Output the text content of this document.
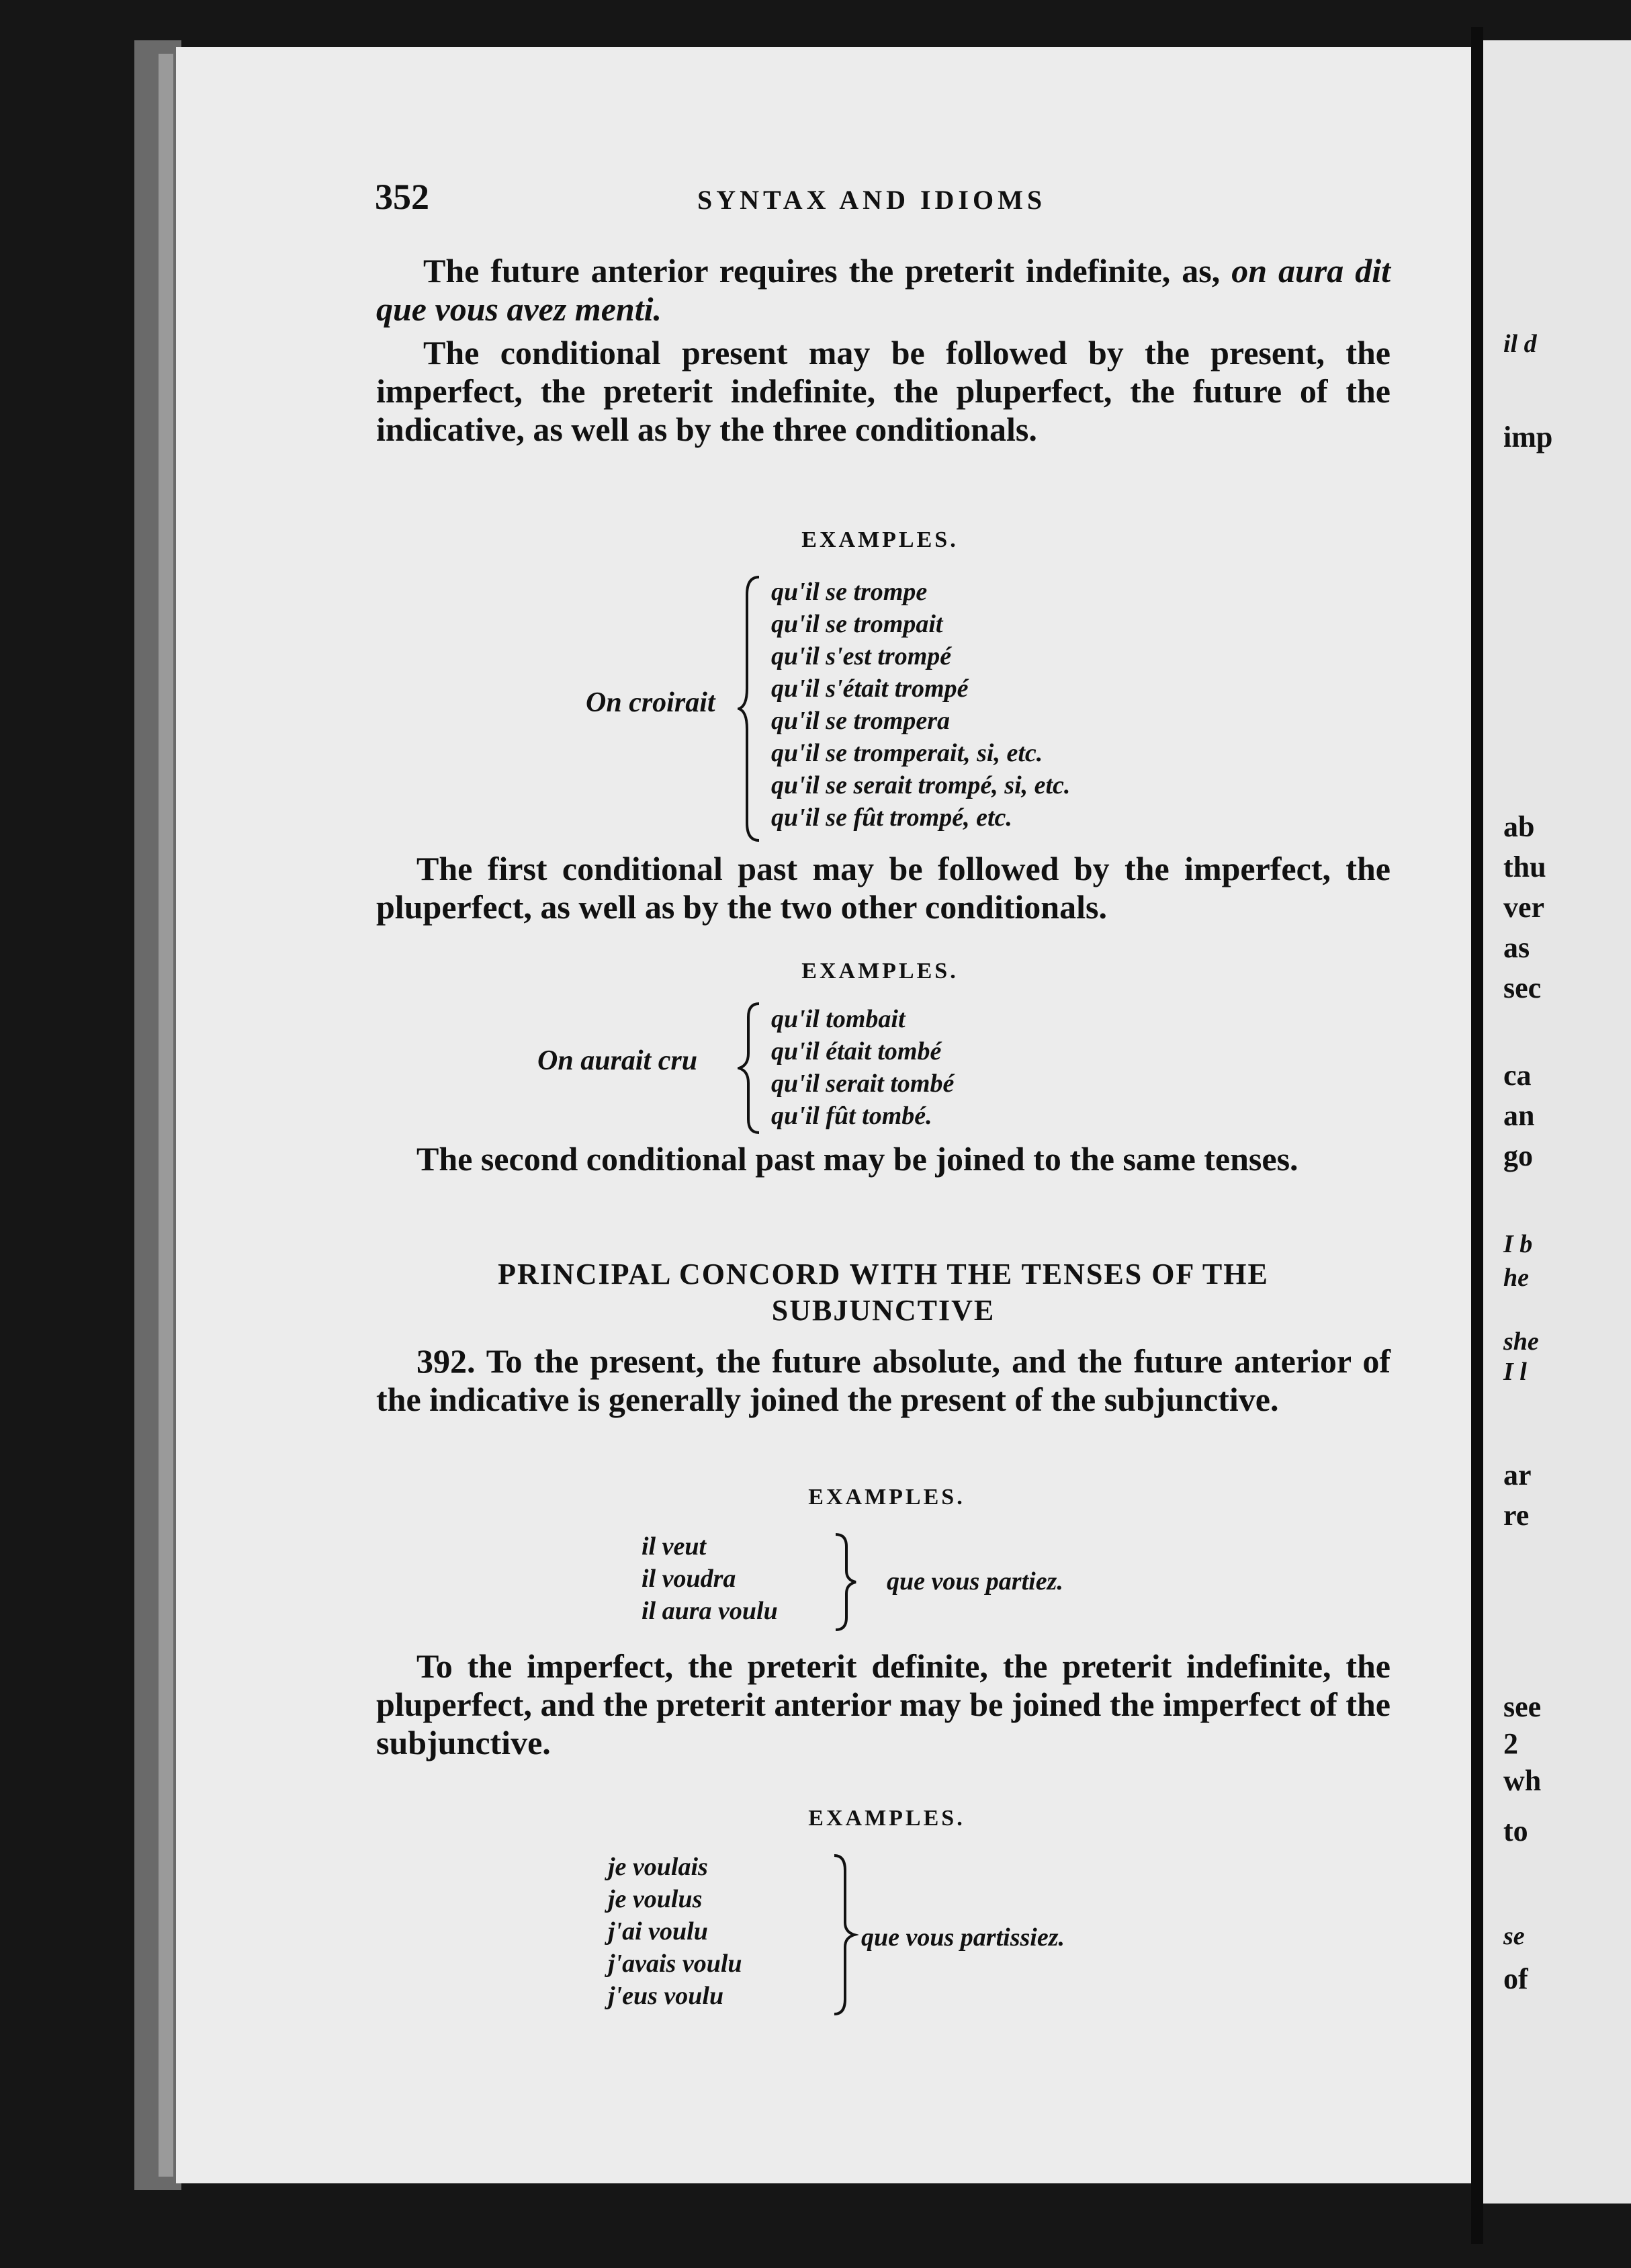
352	SYNTAX AND IDIOMS
The future anterior requires the preterit indefinite, as, on aura dit que vous avez menti.
The conditional present may be followed by the present, the imperfect, the preterit indefinite, the pluperfect, the future of the indicative, as well as by the three conditionals.
EXAMPLES.
On croirait
qu'il se trompe
qu'il se trompait
qu'il s'est trompé
qu'il s'était trompé
qu'il se trompera
qu'il se tromperait, si, etc.
qu'il se serait trompé, si, etc.
qu'il se fût trompé, etc.
The first conditional past may be followed by the imperfect, the pluperfect, as well as by the two other conditionals.
EXAMPLES.
On aurait cru
qu'il tombait
qu'il était tombé
qu'il serait tombé
qu'il fût tombé.
The second conditional past may be joined to the same tenses.
PRINCIPAL CONCORD WITH THE TENSES OF THE SUBJUNCTIVE
392. To the present, the future absolute, and the future anterior of the indicative is generally joined the present of the subjunctive.
EXAMPLES.
il veut
il voudra
il aura voulu
que vous partiez.
To the imperfect, the preterit definite, the preterit indefinite, the pluperfect, and the preterit anterior may be joined the imperfect of the subjunctive.
EXAMPLES.
je voulais
je voulus
j'ai voulu
j'avais voulu
j'eus voulu
que vous partissiez.
il d
imp
ab
thu
ver
as
sec
ca
an
go
I b
he
she
I l
ar
re
see
2
wh
to
se
of
